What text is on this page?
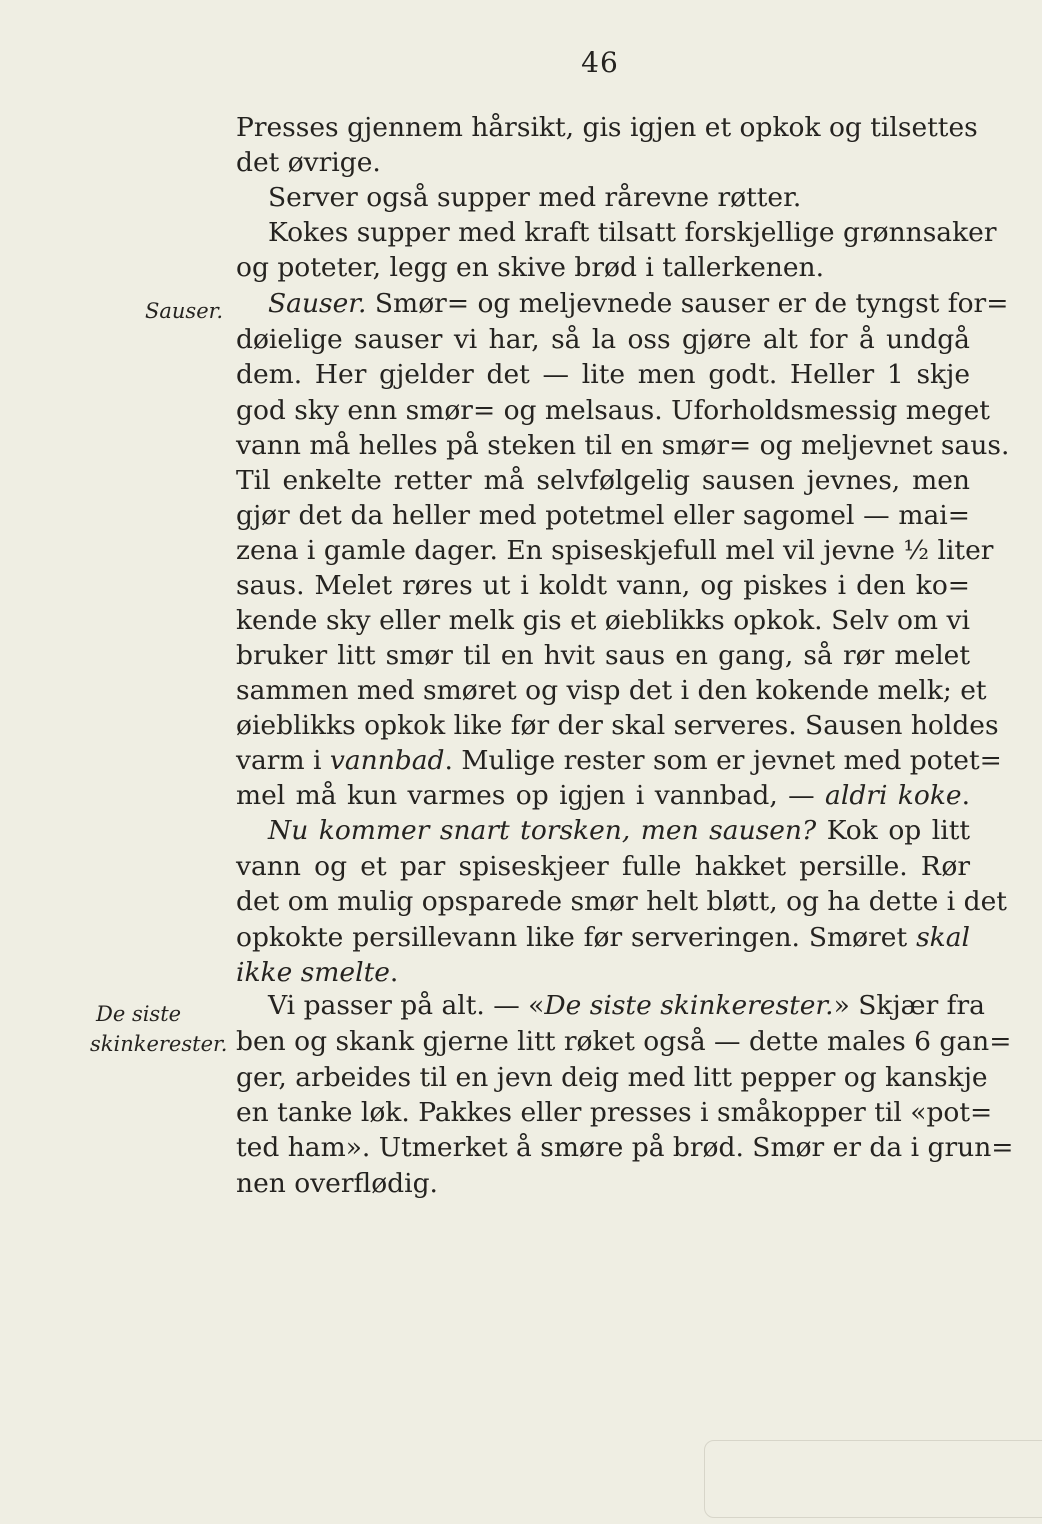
46
Sauser.
De siste
skinkerester.
Presses gjennem hårsikt, gis igjen et opkok og tilsettes
det øvrige.
Server også supper med rårevne røtter.
Kokes supper med kraft tilsatt forskjellige grønnsaker
og poteter, legg en skive brød i tallerkenen.
Sauser. Smør= og meljevnede sauser er de tyngst for=
døielige sauser vi har, så la oss gjøre alt for å undgå
dem. Her gjelder det — lite men godt. Heller 1 skje
god sky enn smør= og melsaus. Uforholdsmessig meget
vann må helles på steken til en smør= og meljevnet saus.
Til enkelte retter må selvfølgelig sausen jevnes, men
gjør det da heller med potetmel eller sagomel — mai=
zena i gamle dager. En spiseskjefull mel vil jevne ½ liter
saus. Melet røres ut i koldt vann, og piskes i den ko=
kende sky eller melk gis et øieblikks opkok. Selv om vi
bruker litt smør til en hvit saus en gang, så rør melet
sammen med smøret og visp det i den kokende melk; et
øieblikks opkok like før der skal serveres. Sausen holdes
varm i vannbad. Mulige rester som er jevnet med potet=
mel må kun varmes op igjen i vannbad, — aldri koke.
Nu kommer snart torsken, men sausen? Kok op litt
vann og et par spiseskjeer fulle hakket persille. Rør
det om mulig opsparede smør helt bløtt, og ha dette i det
opkokte persillevann like før serveringen. Smøret skal
ikke smelte.
Vi passer på alt. — «De siste skinkerester.» Skjær fra
ben og skank gjerne litt røket også — dette males 6 gan=
ger, arbeides til en jevn deig med litt pepper og kanskje
en tanke løk. Pakkes eller presses i småkopper til «pot=
ted ham». Utmerket å smøre på brød. Smør er da i grun=
nen overflødig.
